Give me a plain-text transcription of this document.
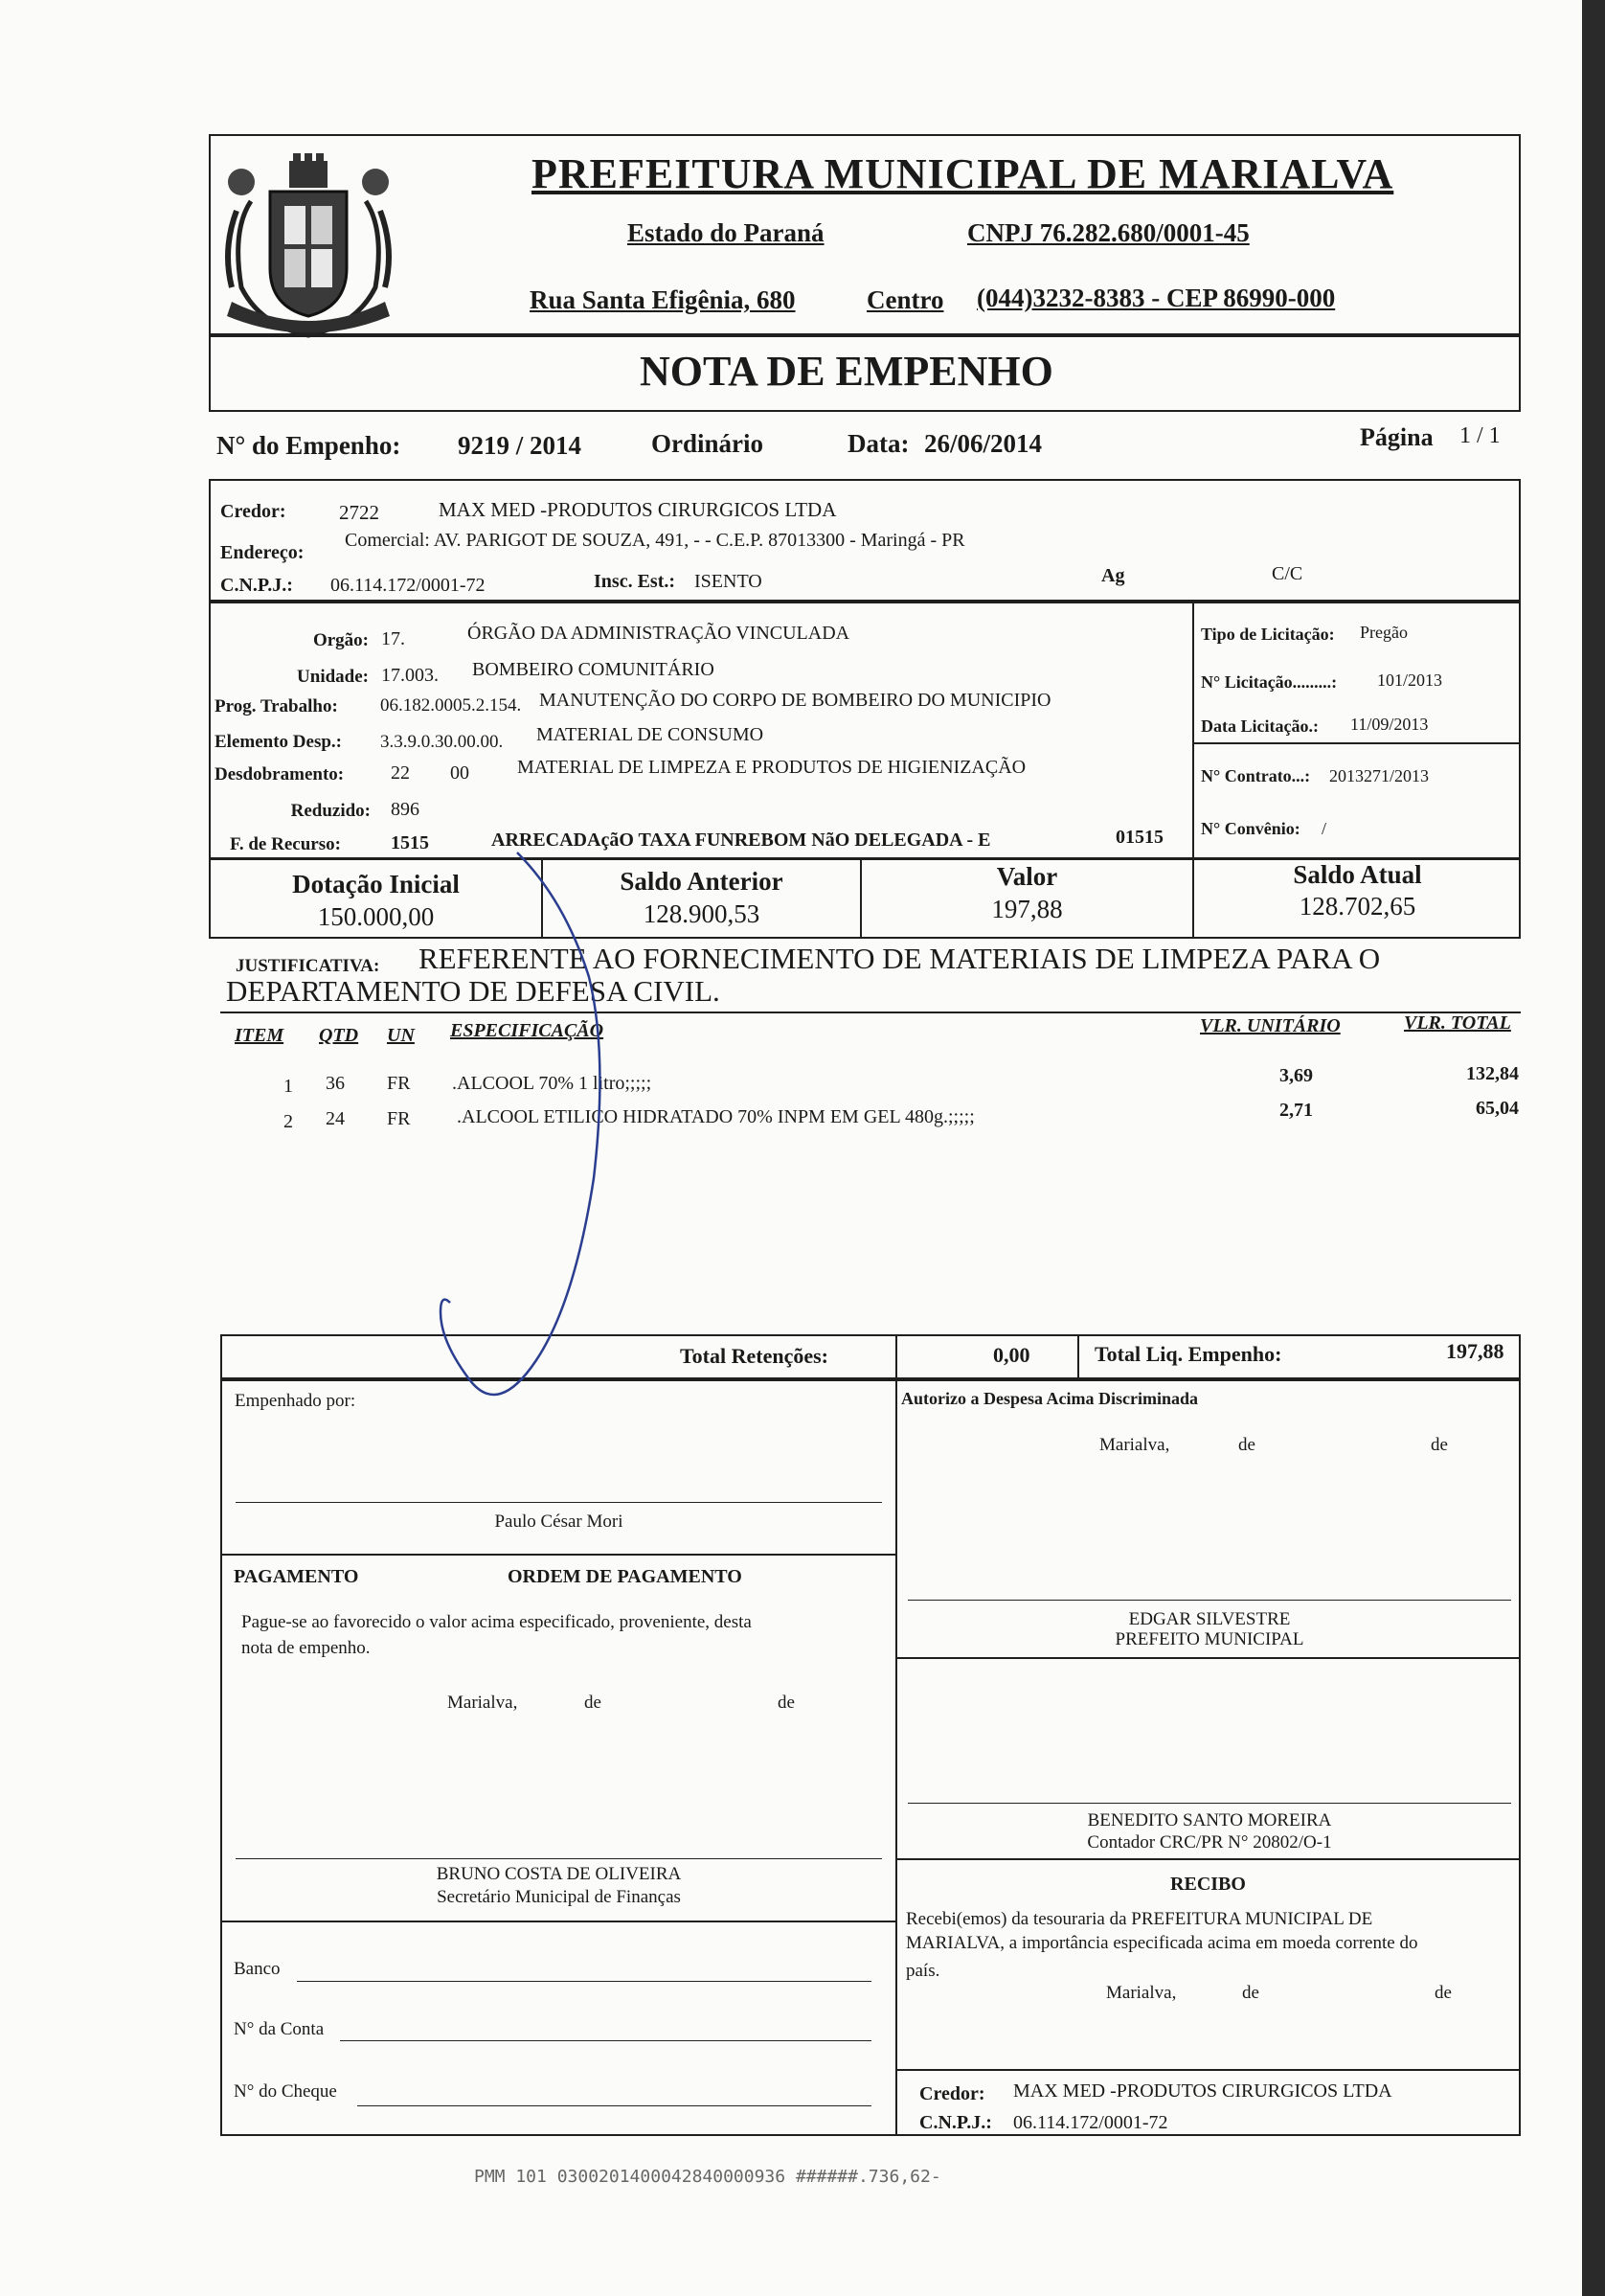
PREFEITURA MUNICIPAL DE MARIALVA
Estado do Paraná	CNPJ 76.282.680/0001-45
Rua Santa Efigênia, 680	Centro (044)3232-8383 - CEP 86990-000
NOTA DE EMPENHO
N° do Empenho: 9219 / 2014	Ordinário	Data: 26/06/2014	Página 1 / 1
Credor:	2722	MAX MED -PRODUTOS CIRURGICOS LTDA
Endereço:
Comercial: AV. PARIGOT DE SOUZA, 491, - - C.E.P. 87013300 - Maringá - PR
C.N.P.J.: 06.114.172/0001-72	Insc. Est.: ISENTO	Ag	C/C
Orgão: 17.	ÓRGÃO DA ADMINISTRAÇÃO VINCULADA
Unidade: 17.003. BOMBEIRO COMUNITÁRIO
Prog. Trabalho: 06.182.0005.2.154. MANUTENÇÃO DO CORPO DE BOMBEIRO DO MUNICIPIO
Elemento Desp.: 3.3.9.0.30.00.00. MATERIAL DE CONSUMO
Desdobramento: 22 00	MATERIAL DE LIMPEZA E PRODUTOS DE HIGIENIZAÇÃO
Reduzido: 896
F. de Recurso:	1515	ARRECADAçãO TAXA FUNREBOM NãO DELEGADA - E	01515
Tipo de Licitação: Pregão
N° Licitação.........: 101/2013
Data Licitação.: 11/09/2013
N° Contrato...: 2013271/2013
N° Convênio: /
Dotação Inicial
150.000,00
Saldo Anterior
128.900,53
Valor
197,88
Saldo Atual
128.702,65
JUSTIFICATIVA: REFERENTE AO FORNECIMENTO DE MATERIAIS DE LIMPEZA PARA O
DEPARTAMENTO DE DEFESA CIVIL.
ITEM QTD UN ESPECIFICAÇÃO	VLR. UNITÁRIO	VLR. TOTAL
1 36 FR .ALCOOL 70% 1 litro;;;;;	3,69	132,84
2 24 FR .ALCOOL ETILICO HIDRATADO 70% INPM EM GEL 480g.;;;;;	2,71	65,04
Total Retenções:	0,00	Total Liq. Empenho:	197,88
Empenhado por:
Paulo César Mori
Autorizo a Despesa Acima Discriminada
Marialva,	de	de
PAGAMENTO	ORDEM DE PAGAMENTO
Pague-se ao favorecido o valor acima especificado, proveniente, desta
nota de empenho.
Marialva,	de	de
EDGAR SILVESTRE
PREFEITO MUNICIPAL
BENEDITO SANTO MOREIRA
Contador CRC/PR N° 20802/O-1
RECIBO
Recebi(emos) da tesouraria da PREFEITURA MUNICIPAL DE
MARIALVA, a importância especificada acima em moeda corrente do
país.
Marialva,	de	de
Credor: MAX MED -PRODUTOS CIRURGICOS LTDA
C.N.P.J.: 06.114.172/0001-72
BRUNO COSTA DE OLIVEIRA
Secretário Municipal de Finanças
Banco
N° da Conta
N° do Cheque
PMM 101 0300201400042840000936 ######.736,62-
